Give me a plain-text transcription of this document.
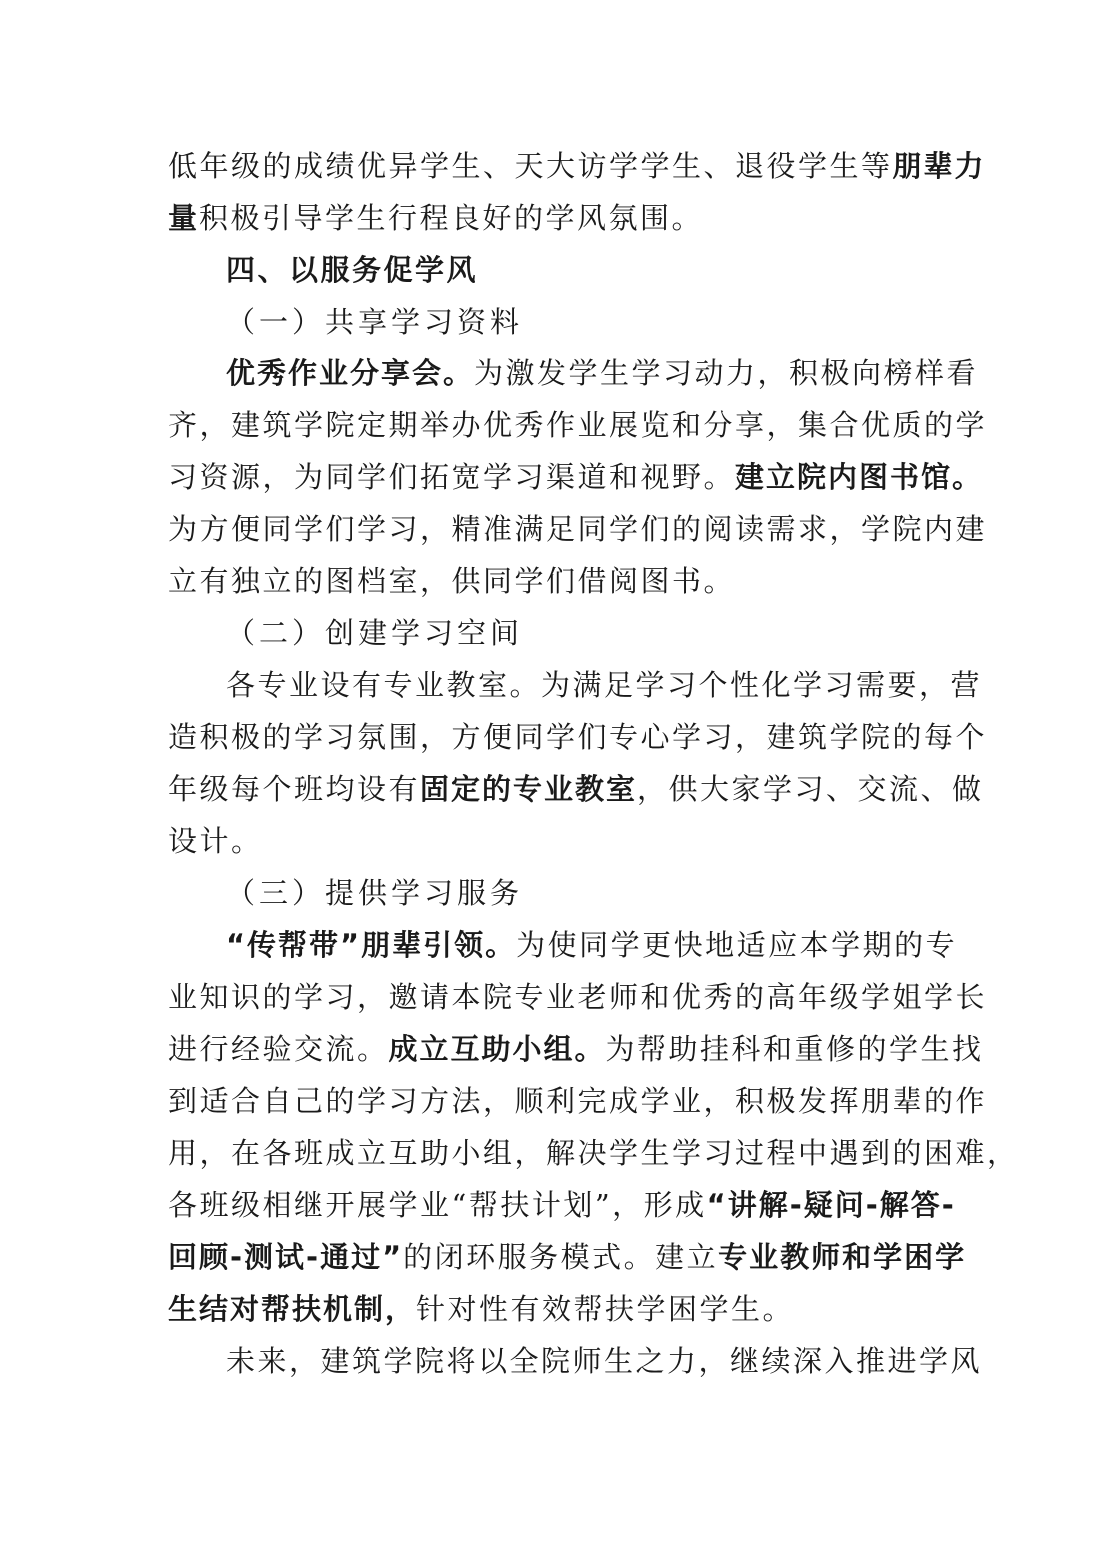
低年级的成绩优异学生、天大访学学生、退役学生等朋辈力
量积极引导学生行程良好的学风氛围。
四、以服务促学风
（一）共享学习资料
优秀作业分享会。为激发学生学习动力，积极向榜样看
齐，建筑学院定期举办优秀作业展览和分享，集合优质的学
习资源，为同学们拓宽学习渠道和视野。建立院内图书馆。
为方便同学们学习，精准满足同学们的阅读需求，学院内建
立有独立的图档室，供同学们借阅图书。
（二）创建学习空间
各专业设有专业教室。为满足学习个性化学习需要，营
造积极的学习氛围，方便同学们专心学习，建筑学院的每个
年级每个班均设有固定的专业教室，供大家学习、交流、做
设计。
（三）提供学习服务
“传帮带”朋辈引领。为使同学更快地适应本学期的专
业知识的学习，邀请本院专业老师和优秀的高年级学姐学长
进行经验交流。成立互助小组。为帮助挂科和重修的学生找
到适合自己的学习方法，顺利完成学业，积极发挥朋辈的作
用，在各班成立互助小组，解决学生学习过程中遇到的困难，
各班级相继开展学业“帮扶计划”，形成“讲解-疑问-解答-
回顾-测试-通过”的闭环服务模式。建立专业教师和学困学
生结对帮扶机制，针对性有效帮扶学困学生。
未来，建筑学院将以全院师生之力，继续深入推进学风
